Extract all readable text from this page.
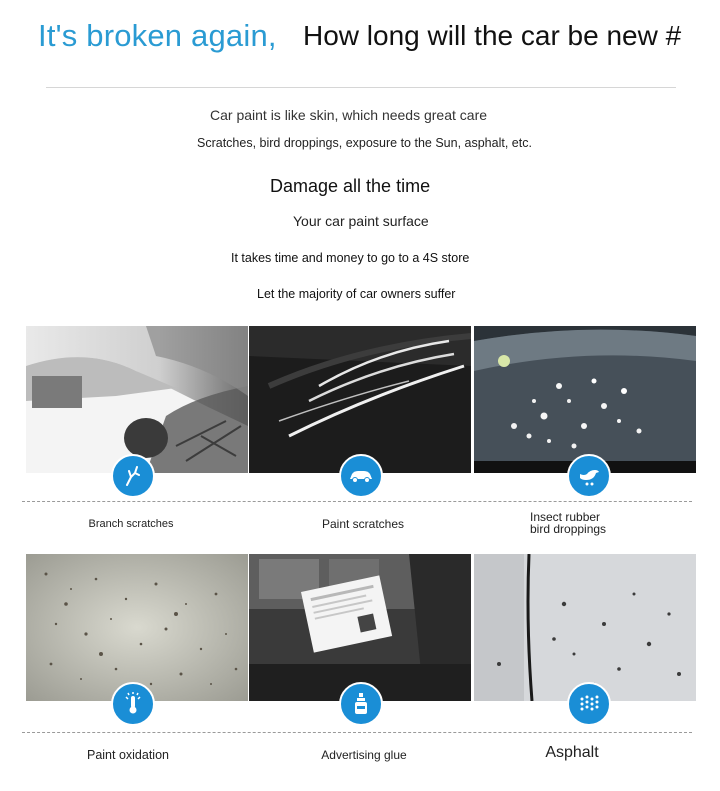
It's broken again, How long will the car be new #
Car paint is like skin, which needs great care
Scratches, bird droppings, exposure to the Sun, asphalt, etc.
Damage all the time
Your car paint surface
It takes time and money to go to a 4S store
Let the majority of car owners suffer
Branch scratches	Paint scratches	Insect rubber
bird droppings
Paint oxidation	Advertising glue	Asphalt
